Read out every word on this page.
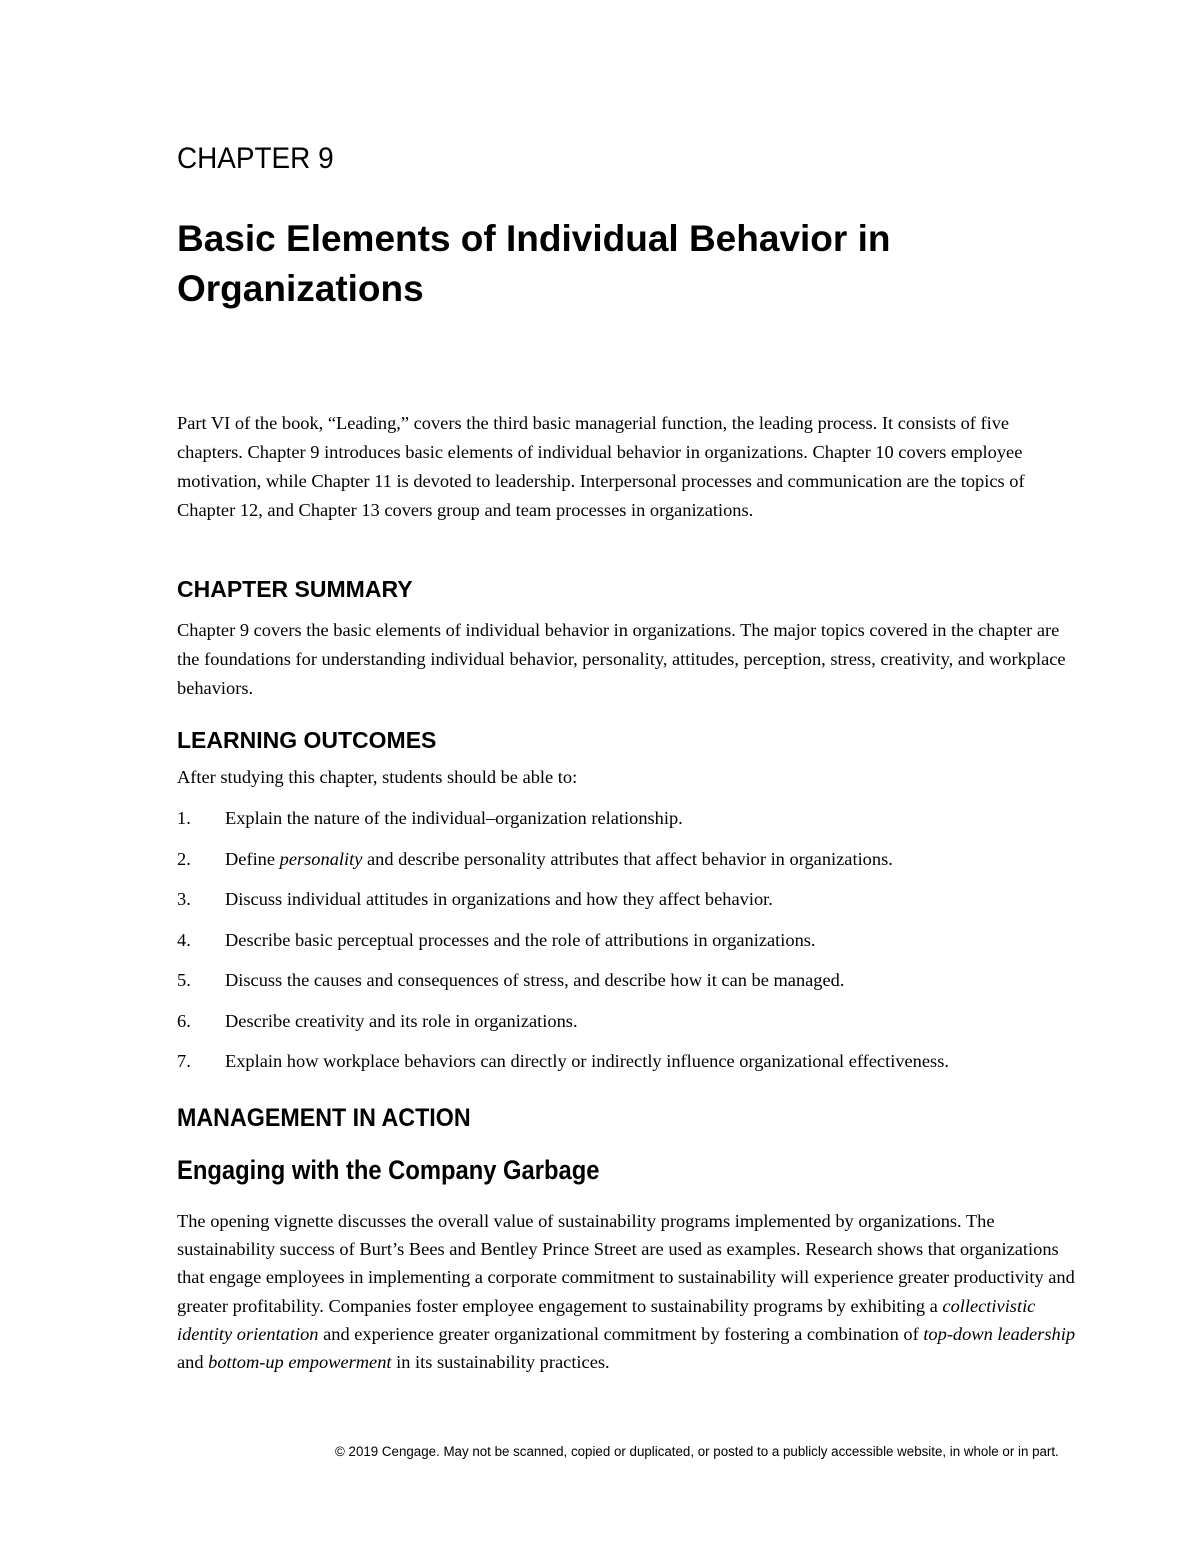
CHAPTER 9
Basic Elements of Individual Behavior in Organizations

Part VI of the book, “Leading,” covers the third basic managerial function, the leading process. It consists of five chapters. Chapter 9 introduces basic elements of individual behavior in organizations. Chapter 10 covers employee motivation, while Chapter 11 is devoted to leadership. Interpersonal processes and communication are the topics of Chapter 12, and Chapter 13 covers group and team processes in organizations.

CHAPTER SUMMARY

Chapter 9 covers the basic elements of individual behavior in organizations. The major topics covered in the chapter are the foundations for understanding individual behavior, personality, attitudes, perception, stress, creativity, and workplace behaviors.

LEARNING OUTCOMES

After studying this chapter, students should be able to:

1. Explain the nature of the individual–organization relationship.
2. Define personality and describe personality attributes that affect behavior in organizations.
3. Discuss individual attitudes in organizations and how they affect behavior.
4. Describe basic perceptual processes and the role of attributions in organizations.
5. Discuss the causes and consequences of stress, and describe how it can be managed.
6. Describe creativity and its role in organizations.
7. Explain how workplace behaviors can directly or indirectly influence organizational effectiveness.
MANAGEMENT IN ACTION
Engaging with the Company Garbage

The opening vignette discusses the overall value of sustainability programs implemented by organizations. The sustainability success of Burt’s Bees and Bentley Prince Street are used as examples. Research shows that organizations that engage employees in implementing a corporate commitment to sustainability will experience greater productivity and greater profitability. Companies foster employee engagement to sustainability programs by exhibiting a collectivistic identity orientation and experience greater organizational commitment by fostering a combination of top-down leadership and bottom-up empowerment in its sustainability practices.

© 2019 Cengage. May not be scanned, copied or duplicated, or posted to a publicly accessible website, in whole or in part.
